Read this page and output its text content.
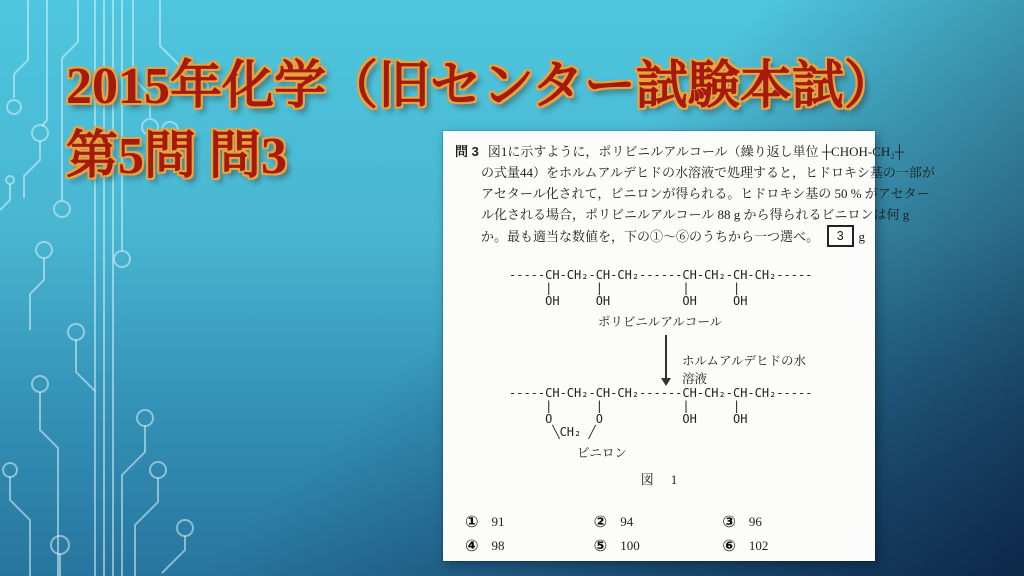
2015年化学（旧センター試験本試）
第5問 問3	問 3 図1に示すように，ポリビニルアルコール（繰り返し単位 ┼CHOH-CH₂┼
の式量44）をホルムアルデヒドの水溶液で処理すると，ヒドロキシ基の一部が
アセタール化されて，ビニロンが得られる。ヒドロキシ基の 50 % がアセター
ル化される場合，ポリビニルアルコール 88 g から得られるビニロンは何 g
か。最も適当な数値を，下の①～⑥のうちから一つ選べ。	3	g
-----CH-CH₂-CH-CH₂------CH-CH₂-CH-CH₂-----
|      |           |      |
OH     OH          OH     OH
ポリビニルアルコール
ホルムアルデヒドの水溶液
-----CH-CH₂-CH-CH₂------CH-CH₂-CH-CH₂-----
|      |           |      |
O      O           OH     OH
╲CH₂ ╱
ビニロン
図　1
① 91	② 94	③ 96
④ 98	⑤ 100	⑥ 102
